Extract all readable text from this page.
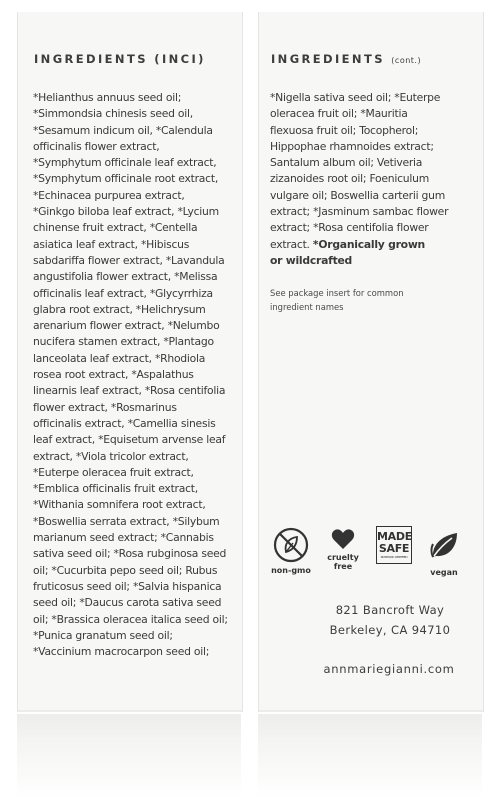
INGREDIENTS (INCI)
*Helianthus annuus seed oil;
*Simmondsia chinesis seed oil,
*Sesamum indicum oil, *Calendula
officinalis flower extract,
*Symphytum officinale leaf extract,
*Symphytum officinale root extract,
*Echinacea purpurea extract,
*Ginkgo biloba leaf extract, *Lycium
chinense fruit extract, *Centella
asiatica leaf extract, *Hibiscus
sabdariffa flower extract, *Lavandula
angustifolia flower extract, *Melissa
officinalis leaf extract, *Glycyrrhiza
glabra root extract, *Helichrysum
arenarium flower extract, *Nelumbo
nucifera stamen extract, *Plantago
lanceolata leaf extract, *Rhodiola
rosea root extract, *Aspalathus
linearnis leaf extract, *Rosa centifolia
flower extract, *Rosmarinus
officinalis extract, *Camellia sinesis
leaf extract, *Equisetum arvense leaf
extract, *Viola tricolor extract,
*Euterpe oleracea fruit extract,
*Emblica officinalis fruit extract,
*Withania somnifera root extract,
*Boswellia serrata extract, *Silybum
marianum seed extract; *Cannabis
sativa seed oil; *Rosa rubginosa seed
oil; *Cucurbita pepo seed oil; Rubus
fruticosus seed oil; *Salvia hispanica
seed oil; *Daucus carota sativa seed
oil; *Brassica oleracea italica seed oil;
*Punica granatum seed oil;
*Vaccinium macrocarpon seed oil;
INGREDIENTS (cont.)
*Nigella sativa seed oil; *Euterpe
oleracea fruit oil; *Mauritia
flexuosa fruit oil; Tocopherol;
Hippophae rhamnoides extract;
Santalum album oil; Vetiveria
zizanoides root oil; Foeniculum
vulgare oil; Boswellia carterii gum
extract; *Jasminum sambac flower
extract; *Rosa centifolia flower
extract. *Organically grown
or wildcrafted
See package insert for common
ingredient names
non-gmo
cruelty
free
MADE
SAFE
NONTOXIC CERTIFIED
vegan
821 Bancroft Way
Berkeley, CA 94710
annmariegianni.com
